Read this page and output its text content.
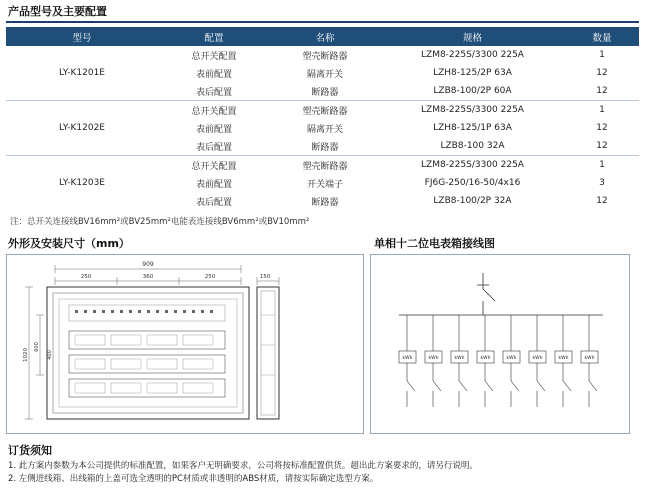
产品型号及主要配置
型号	配置	名称	规格	数量
LY-K1201E	总开关配置	塑壳断路器	LZM8-225S/3300 225A	1
	表前配置	隔离开关	LZH8-125/2P 63A	12
	表后配置	断路器	LZB8-100/2P 60A	12
LY-K1202E	总开关配置	塑壳断路器	LZM8-225S/3300 225A	1
	表前配置	隔离开关	LZH8-125/1P 63A	12
	表后配置	断路器	LZB8-100 32A	12
LY-K1203E	总开关配置	塑壳断路器	LZM8-225S/3300 225A	1
	表前配置	开关端子	FJ6G-250/16-50/4x16	3
	表后配置	断路器	LZB8-100/2P 32A	12
注：总开关连接线BV16mm²或BV25mm²电能表连接线BV6mm²或BV10mm²
外形及安装尺寸（mm）
909
250	360	250	150
1020
600
400
单相十二位电表箱接线图
kWh	kWh	kWh	kWh	kWh	kWh	kWh	kWh
订货须知
1. 此方案内参数为本公司提供的标准配置，如果客户无明确要求，公司将按标准配置供货。超出此方案要求的，请另行说明。
2. 左侧进线箱、出线箱的上盖可选全透明的PC材质或非透明的ABS材质，请按实际确定选型方案。
